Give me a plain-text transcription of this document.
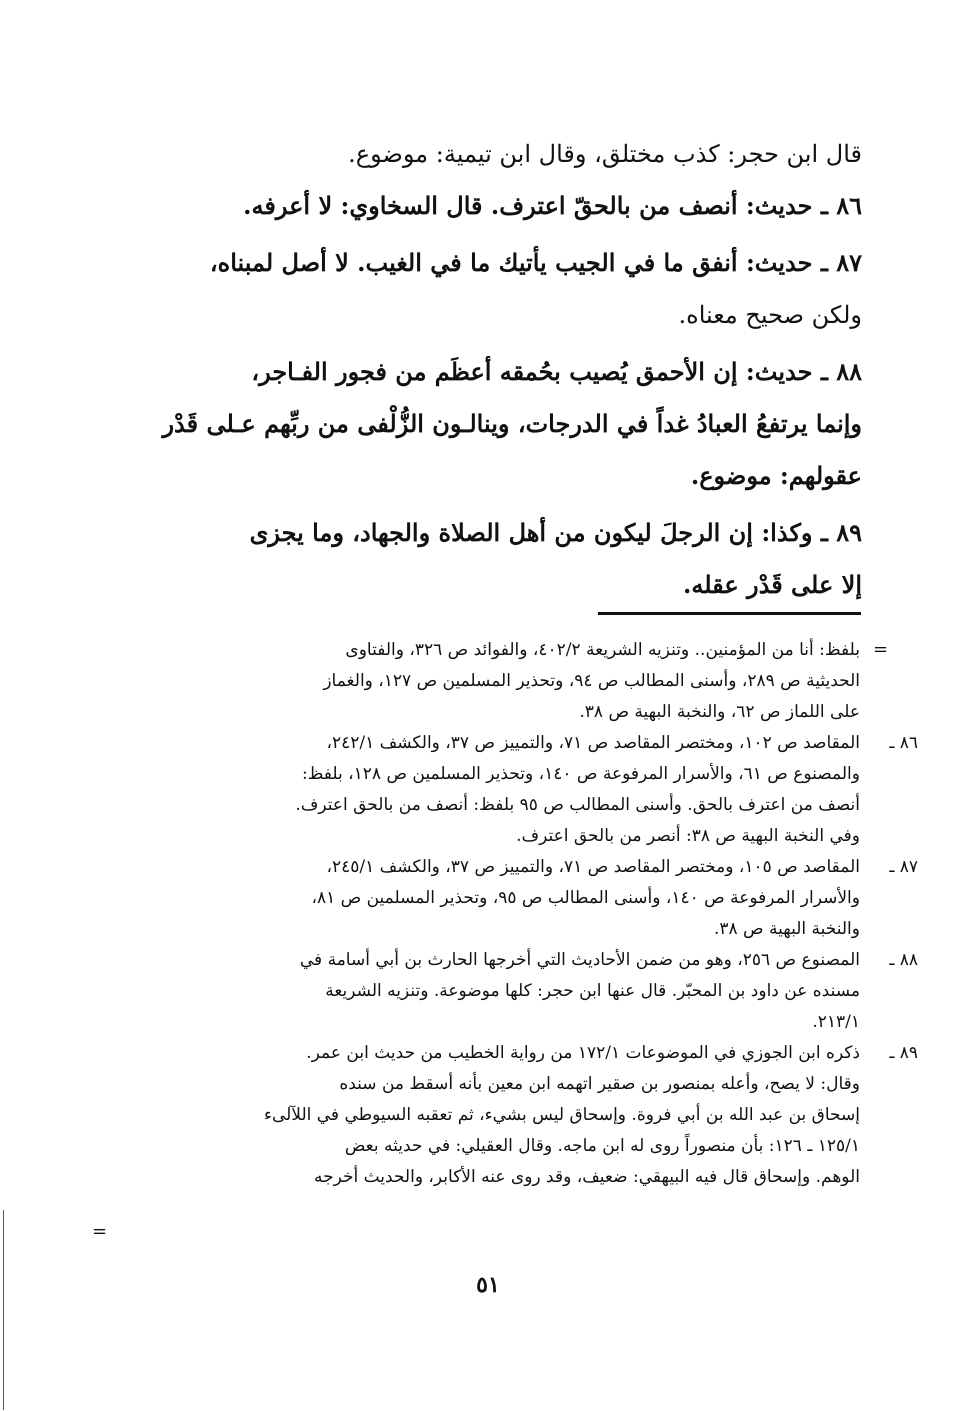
قال ابن حجر: كذب مختلق، وقال ابن تيمية: موضوع.
٨٦ ـ حديث: أنصف من بالحقّ اعترف. قال السخاوي: لا أعرفه.
٨٧ ـ حديث: أنفق ما في الجيب يأتيك ما في الغيب. لا أصل لمبناه،
ولكن صحيح معناه.
٨٨ ـ حديث: إن الأحمق يُصيب بحُمقه أعظَم من فجور الفـاجر،
وإنما يرتفعُ العبادُ غداً في الدرجات، وينالـون الزُّلْفى من ربِّهم عـلى قَدْر
عقولهم: موضوع.
٨٩ ـ وكذا: إن الرجلَ ليكون من أهل الصلاة والجهاد، وما يجزى
إلا على قَدْر عقله.
=
بلفظ: أنا من المؤمنين.. وتنزيه الشريعة ٤٠٢/٢، والفوائد ص ٣٢٦، والفتاوى
الحديثية ص ٢٨٩، وأسنى المطالب ص ٩٤، وتحذير المسلمين ص ١٢٧، والغماز
على اللماز ص ٦٢، والنخبة البهية ص ٣٨.
٨٦ ـ
المقاصد ص ١٠٢، ومختصر المقاصد ص ٧١، والتمييز ص ٣٧، والكشف ٢٤٢/١،
والمصنوع ص ٦١، والأسرار المرفوعة ص ١٤٠، وتحذير المسلمين ص ١٢٨، بلفظ:
أنصف من اعترف بالحق. وأسنى المطالب ص ٩٥ بلفظ: أنصف من بالحق اعترف.
وفي النخبة البهية ص ٣٨: أنصر من بالحق اعترف.
٨٧ ـ
المقاصد ص ١٠٥، ومختصر المقاصد ص ٧١، والتمييز ص ٣٧، والكشف ٢٤٥/١،
والأسرار المرفوعة ص ١٤٠، وأسنى المطالب ص ٩٥، وتحذير المسلمين ص ٨١،
والنخبة البهية ص ٣٨.
٨٨ ـ
المصنوع ص ٢٥٦، وهو من ضمن الأحاديث التي أخرجها الحارث بن أبي أسامة في
مسنده عن داود بن المحبّر. قال عنها ابن حجر: كلها موضوعة. وتنزيه الشريعة
٢١٣/١.
٨٩ ـ
ذكره ابن الجوزي في الموضوعات ١٧٢/١ من رواية الخطيب من حديث ابن عمر.
وقال: لا يصح، وأعله بمنصور بن صقير اتهمه ابن معين بأنه أسقط من سنده
إسحاق بن عبد الله بن أبي فروة. وإسحاق ليس بشيء، ثم تعقبه السيوطي في اللآلىء
١٢٥/١ ـ ١٢٦: بأن منصوراً روى له ابن ماجه. وقال العقيلي: في حديثه بعض
الوهم. وإسحاق قال فيه البيهقي: ضعيف، وقد روى عنه الأكابر، والحديث أخرجه
=
٥١
